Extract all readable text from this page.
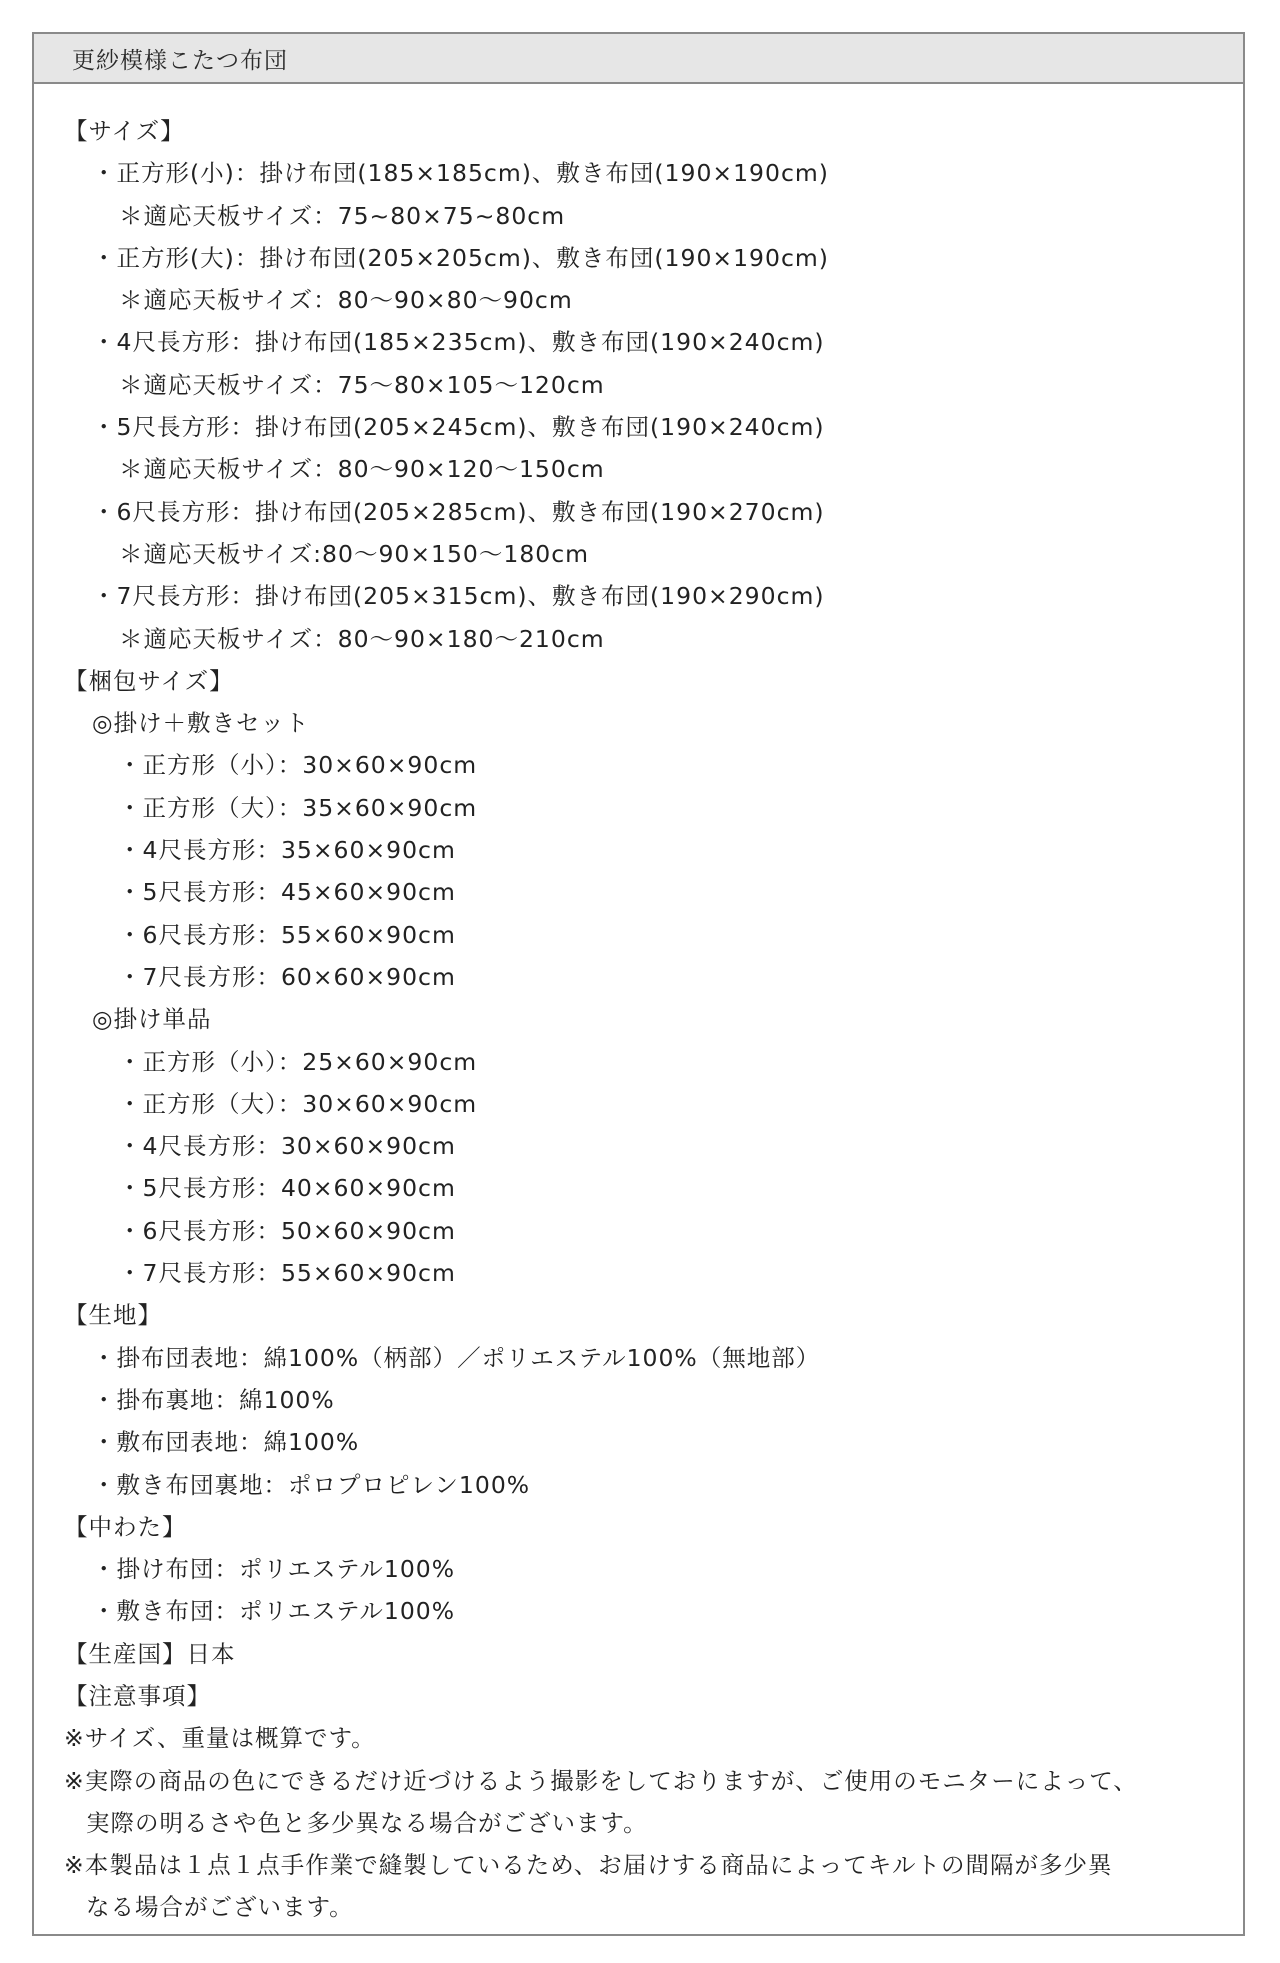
更紗模様こたつ布団
【サイズ】
・正方形(小)：掛け布団(185×185cm)、敷き布団(190×190cm)
＊適応天板サイズ：75~80×75~80cm
・正方形(大)：掛け布団(205×205cm)、敷き布団(190×190cm)
＊適応天板サイズ：80～90×80～90cm
・4尺長方形：掛け布団(185×235cm)、敷き布団(190×240cm)
＊適応天板サイズ：75～80×105～120cm
・5尺長方形：掛け布団(205×245cm)、敷き布団(190×240cm)
＊適応天板サイズ：80～90×120～150cm
・6尺長方形：掛け布団(205×285cm)、敷き布団(190×270cm)
＊適応天板サイズ:80～90×150～180cm
・7尺長方形：掛け布団(205×315cm)、敷き布団(190×290cm)
＊適応天板サイズ：80～90×180～210cm
【梱包サイズ】
◎掛け＋敷きセット
・正方形（小）：30×60×90cm
・正方形（大）：35×60×90cm
・4尺長方形：35×60×90cm
・5尺長方形：45×60×90cm
・6尺長方形：55×60×90cm
・7尺長方形：60×60×90cm
◎掛け単品
・正方形（小）：25×60×90cm
・正方形（大）：30×60×90cm
・4尺長方形：30×60×90cm
・5尺長方形：40×60×90cm
・6尺長方形：50×60×90cm
・7尺長方形：55×60×90cm
【生地】
・掛布団表地：綿100%（柄部）／ポリエステル100%（無地部）
・掛布裏地：綿100%
・敷布団表地：綿100%
・敷き布団裏地：ポロプロピレン100%
【中わた】
・掛け布団：ポリエステル100%
・敷き布団：ポリエステル100%
【生産国】日本
【注意事項】
※サイズ、重量は概算です。
※実際の商品の色にできるだけ近づけるよう撮影をしておりますが、ご使用のモニターによって、
実際の明るさや色と多少異なる場合がございます。
※本製品は１点１点手作業で縫製しているため、お届けする商品によってキルトの間隔が多少異
なる場合がございます。
